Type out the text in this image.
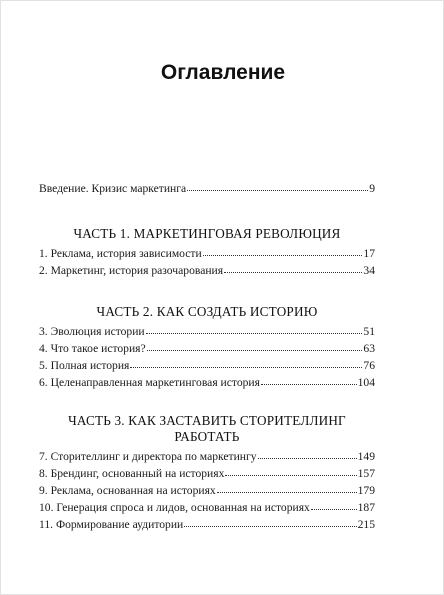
Оглавление
Введение. Кризис маркетинга	9
ЧАСТЬ 1. МАРКЕТИНГОВАЯ РЕВОЛЮЦИЯ
1. Реклама, история зависимости	17
2. Маркетинг, история разочарования	34
ЧАСТЬ 2. КАК СОЗДАТЬ ИСТОРИЮ
3. Эволюция истории	51
4. Что такое история?	63
5. Полная история	76
6. Целенаправленная маркетинговая история	104
ЧАСТЬ 3. КАК ЗАСТАВИТЬ СТОРИТЕЛЛИНГ
РАБОТАТЬ
7. Сторителлинг и директора по маркетингу	149
8. Брендинг, основанный на историях	157
9. Реклама, основанная на историях	179
10. Генерация спроса и лидов, основанная на историях	187
11. Формирование аудитории	215
